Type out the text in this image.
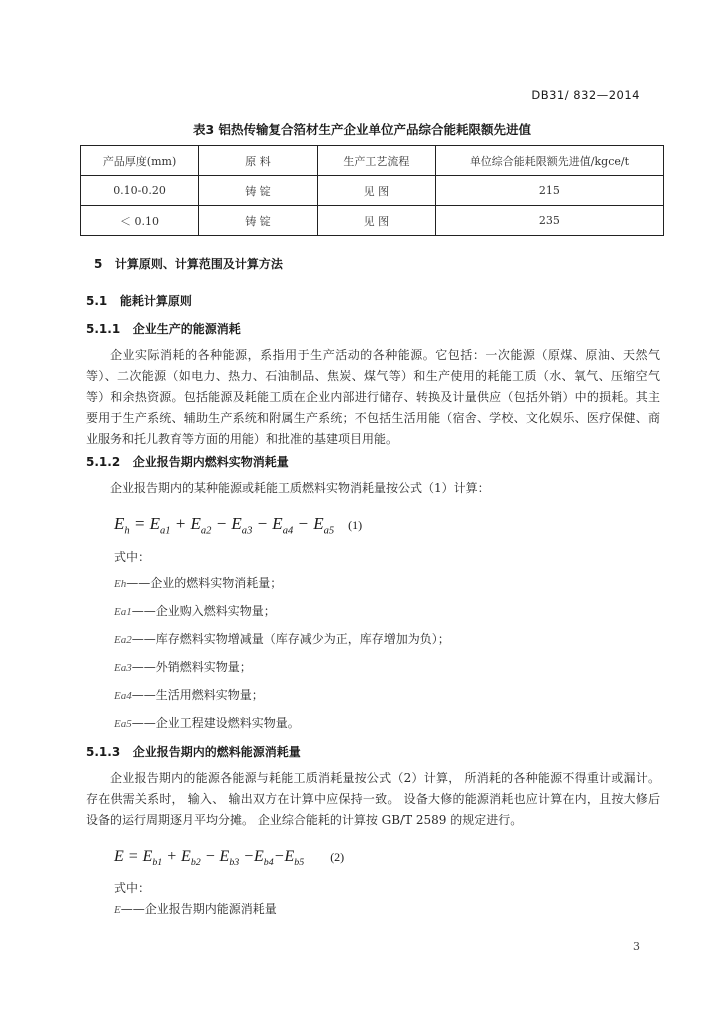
DB31/ 832—2014
表3 铝热传输复合箔材生产企业单位产品综合能耗限额先进值
产品厚度(mm)	原 料	生产工艺流程	单位综合能耗限额先进值/kgce/t
0.10-0.20	铸 锭	见 图	215
＜ 0.10	铸 锭	见 图	235
5 计算原则、计算范围及计算方法
5.1 能耗计算原则
5.1.1 企业生产的能源消耗
企业实际消耗的各种能源，系指用于生产活动的各种能源。它包括：一次能源（原煤、原油、天然气等）、二次能源（如电力、热力、石油制品、焦炭、煤气等）和生产使用的耗能工质（水、氧气、压缩空气等）和余热资源。包括能源及耗能工质在企业内部进行储存、转换及计量供应（包括外销）中的损耗。其主要用于生产系统、辅助生产系统和附属生产系统；不包括生活用能（宿舍、学校、文化娱乐、医疗保健、商业服务和托儿教育等方面的用能）和批准的基建项目用能。
5.1.2 企业报告期内燃料实物消耗量
企业报告期内的某种能源或耗能工质燃料实物消耗量按公式（1）计算：
$E_h = E_{a1} + E_{a2} - E_{a3} - E_{a4} - E_{a5}$ (1)
式中：
Eh——企业的燃料实物消耗量；
Ea1——企业购入燃料实物量；
Ea2——库存燃料实物增减量（库存减少为正，库存增加为负）；
Ea3——外销燃料实物量；
Ea4——生活用燃料实物量；
Ea5——企业工程建设燃料实物量。
5.1.3 企业报告期内的燃料能源消耗量
企业报告期内的能源各能源与耗能工质消耗量按公式（2）计算， 所消耗的各种能源不得重计或漏计。 存在供需关系时， 输入、 输出双方在计算中应保持一致。 设备大修的能源消耗也应计算在内，且按大修后设备的运行周期逐月平均分摊。 企业综合能耗的计算按 GB/T 2589 的规定进行。
$E = E_{b1} + E_{b2} - E_{b3} -E_{b4}-E_{b5}$ (2)
式中：
E——企业报告期内能源消耗量
3
